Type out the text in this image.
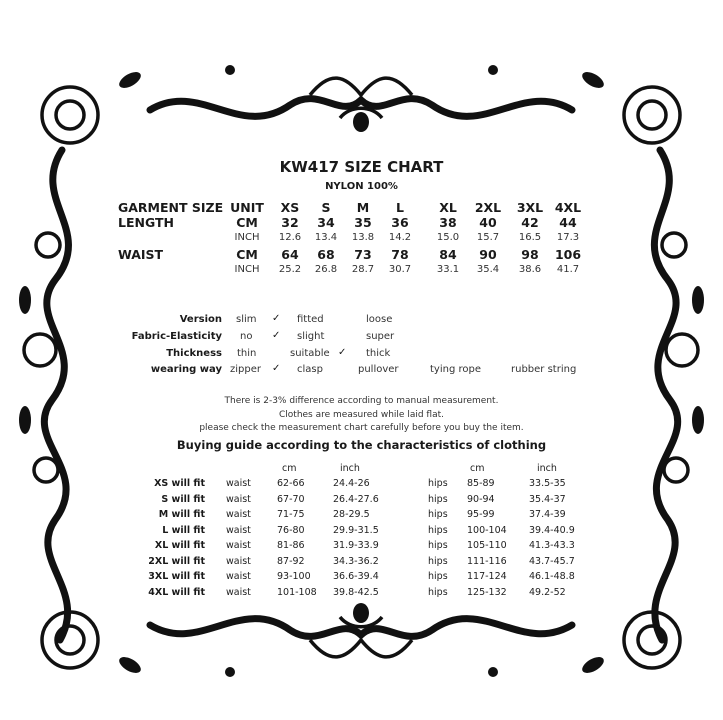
KW417 SIZE CHART
NYLON 100%
GARMENT SIZE UNIT	XS	S	M	L	XL	2XL	3XL 4XL
LENGTH	CM	32	34	35	36	38	40	42	44
INCH	12.6	13.4	13.8	14.2	15.0	15.7	16.5	17.3
WAIST	CM	64	68	73	78	84	90	98	106
INCH	25.2	26.8	28.7	30.7	33.1	35.4	38.6	41.7
Version slim ✓ fitted	loose
Fabric-Elasticity no ✓ slight	super
Thickness thin	suitable ✓ thick
wearing way zipper ✓ clasp	pullover	tying rope	rubber string
There is 2-3% difference according to manual measurement.
Clothes are measured while laid flat.
please check the measurement chart carefully before you buy the item.
Buying guide according to the characteristics of clothing
cm	inch	cm	inch
XS will fit waist	62-66	24.4-26	hips 85-89	33.5-35
S will fit waist	67-70	26.4-27.6	hips 90-94	35.4-37
M will fit waist	71-75	28-29.5	hips 95-99	37.4-39
L will fit waist	76-80	29.9-31.5	hips 100-104 39.4-40.9
XL will fit waist	81-86	31.9-33.9	hips 105-110 41.3-43.3
2XL will fit waist	87-92	34.3-36.2	hips 111-116 43.7-45.7
3XL will fit waist	93-100 36.6-39.4	hips 117-124 46.1-48.8
4XL will fit waist	101-108 39.8-42.5	hips 125-132 49.2-52
